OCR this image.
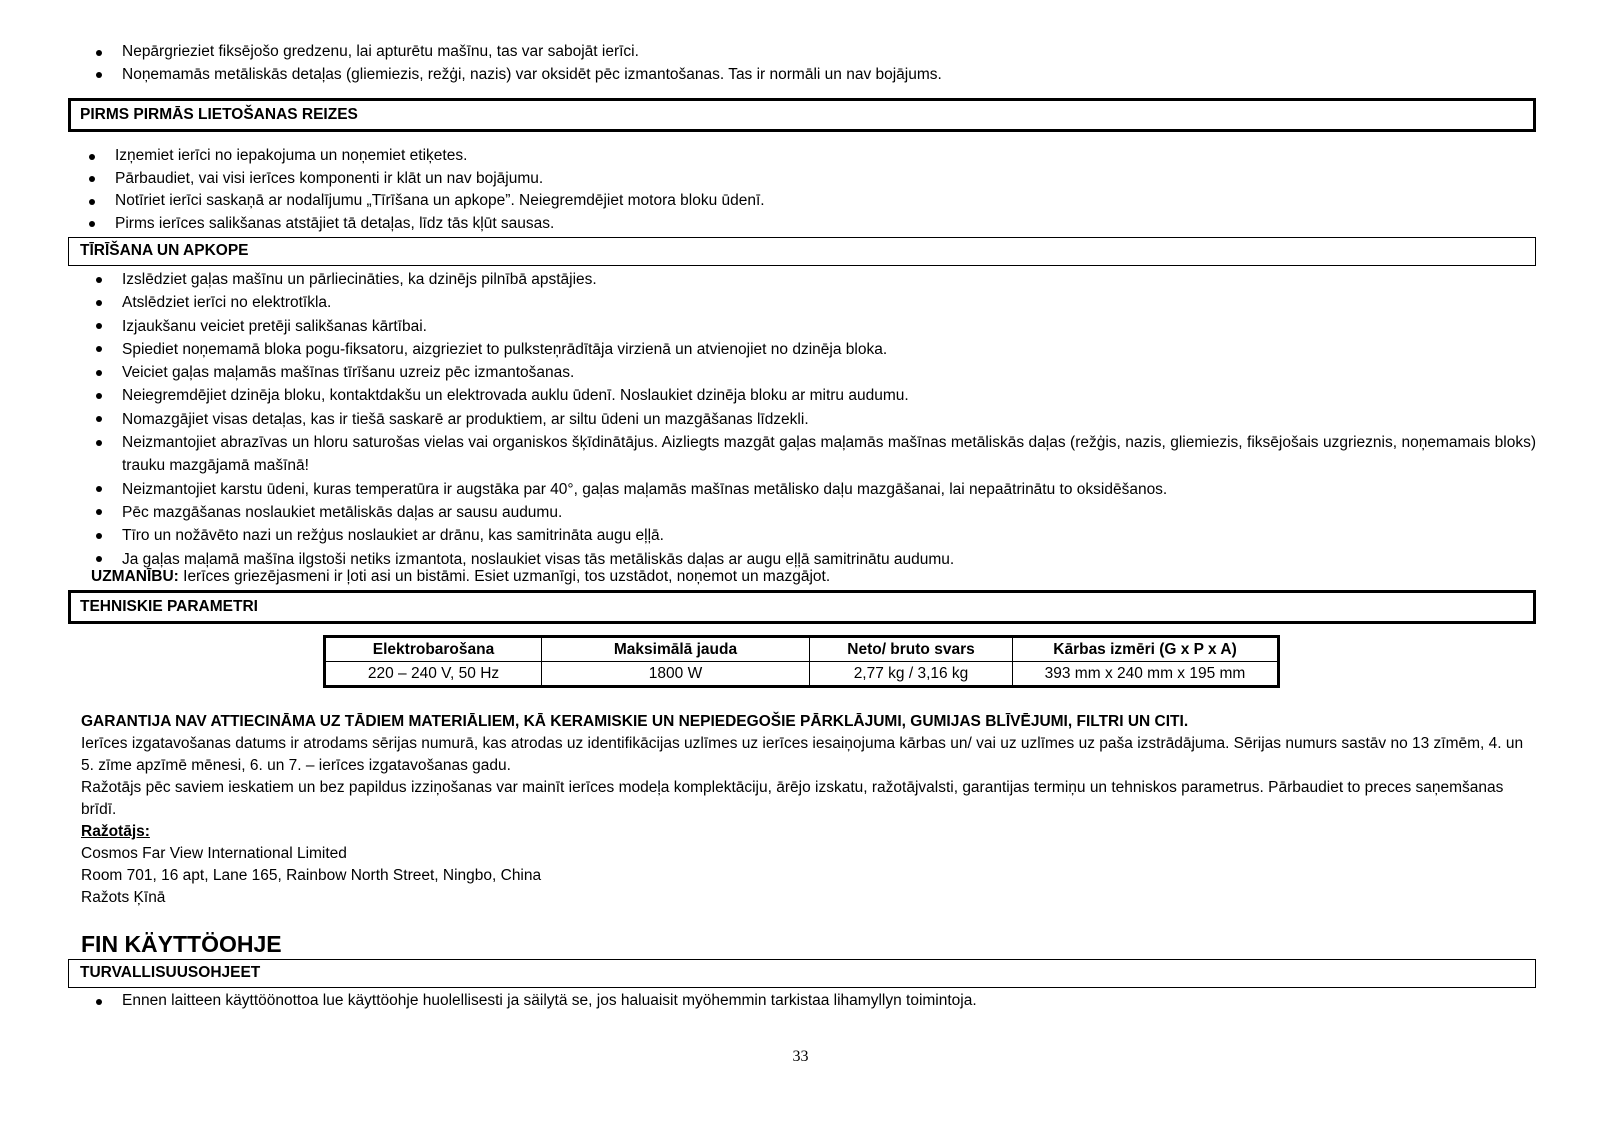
Nepārgrieziet fiksējošo gredzenu, lai apturētu mašīnu, tas var sabojāt ierīci.
Noņemamās metāliskās detaļas (gliemiezis, režģi, nazis) var oksidēt pēc izmantošanas. Tas ir normāli un nav bojājums.
PIRMS PIRMĀS LIETOŠANAS REIZES
Izņemiet ierīci no iepakojuma un noņemiet etiķetes.
Pārbaudiet, vai visi ierīces komponenti ir klāt un nav bojājumu.
Notīriet ierīci saskaņā ar nodalījumu „Tīrīšana un apkope”. Neiegremdējiet motora bloku ūdenī.
Pirms ierīces salikšanas atstājiet tā detaļas, līdz tās kļūt sausas.
TĪRĪŠANA UN APKOPE
Izslēdziet gaļas mašīnu un pārliecināties, ka dzinējs pilnībā apstājies.
Atslēdziet ierīci no elektrotīkla.
Izjaukšanu veiciet pretēji salikšanas kārtībai.
Spiediet noņemamā bloka pogu-fiksatoru, aizgrieziet to pulksteņrādītāja virzienā un atvienojiet no dzinēja bloka.
Veiciet gaļas maļamās mašīnas tīrīšanu uzreiz pēc izmantošanas.
Neiegremdējiet dzinēja bloku, kontaktdakšu un elektrovada auklu ūdenī. Noslaukiet dzinēja bloku ar mitru audumu.
Nomazgājiet visas detaļas, kas ir tiešā saskarē ar produktiem, ar siltu ūdeni un mazgāšanas līdzekli.
Neizmantojiet abrazīvas un hloru saturošas vielas vai organiskos šķīdinātājus. Aizliegts mazgāt gaļas maļamās mašīnas metāliskās daļas (režģis, nazis, gliemiezis, fiksējošais uzgrieznis, noņemamais bloks) trauku mazgājamā mašīnā!
Neizmantojiet karstu ūdeni, kuras temperatūra ir augstāka par 40°, gaļas maļamās mašīnas metālisko daļu mazgāšanai, lai nepaātrinātu to oksidēšanos.
Pēc mazgāšanas noslaukiet metāliskās daļas ar sausu audumu.
Tīro un nožāvēto nazi un režģus noslaukiet ar drānu, kas samitrināta augu eļļā.
Ja gaļas maļamā mašīna ilgstoši netiks izmantota, noslaukiet visas tās metāliskās daļas ar augu eļļā samitrinātu audumu.
UZMANĪBU: Ierīces griezējasmeni ir ļoti asi un bistāmi. Esiet uzmanīgi, tos uzstādot, noņemot un mazgājot.
TEHNISKIE PARAMETRI
Elektrobarošana	Maksimālā jauda	Neto/ bruto svars	Kārbas izmēri (G x P x A)
220 – 240 V, 50 Hz	1800 W	2,77 kg / 3,16 kg	393 mm x 240 mm x 195 mm
GARANTIJA NAV ATTIECINĀMA UZ TĀDIEM MATERIĀLIEM, KĀ KERAMISKIE UN NEPIEDEGOŠIE PĀRKLĀJUMI, GUMIJAS BLĪVĒJUMI, FILTRI UN CITI.
Ierīces izgatavošanas datums ir atrodams sērijas numurā, kas atrodas uz identifikācijas uzlīmes uz ierīces iesaiņojuma kārbas un/ vai uz uzlīmes uz paša izstrādājuma. Sērijas numurs sastāv no 13 zīmēm, 4. un 5. zīme apzīmē mēnesi, 6. un 7. – ierīces izgatavošanas gadu.
Ražotājs pēc saviem ieskatiem un bez papildus izziņošanas var mainīt ierīces modeļa komplektāciju, ārējo izskatu, ražotājvalsti, garantijas termiņu un tehniskos parametrus. Pārbaudiet to preces saņemšanas brīdī.
Ražotājs:
Cosmos Far View International Limited
Room 701, 16 apt, Lane 165, Rainbow North Street, Ningbo, China
Ražots Ķīnā
FIN KÄYTTÖOHJE
TURVALLISUUSOHJEET
Ennen laitteen käyttöönottoa lue käyttöohje huolellisesti ja säilytä se, jos haluaisit myöhemmin tarkistaa lihamyllyn toimintoja.
33
